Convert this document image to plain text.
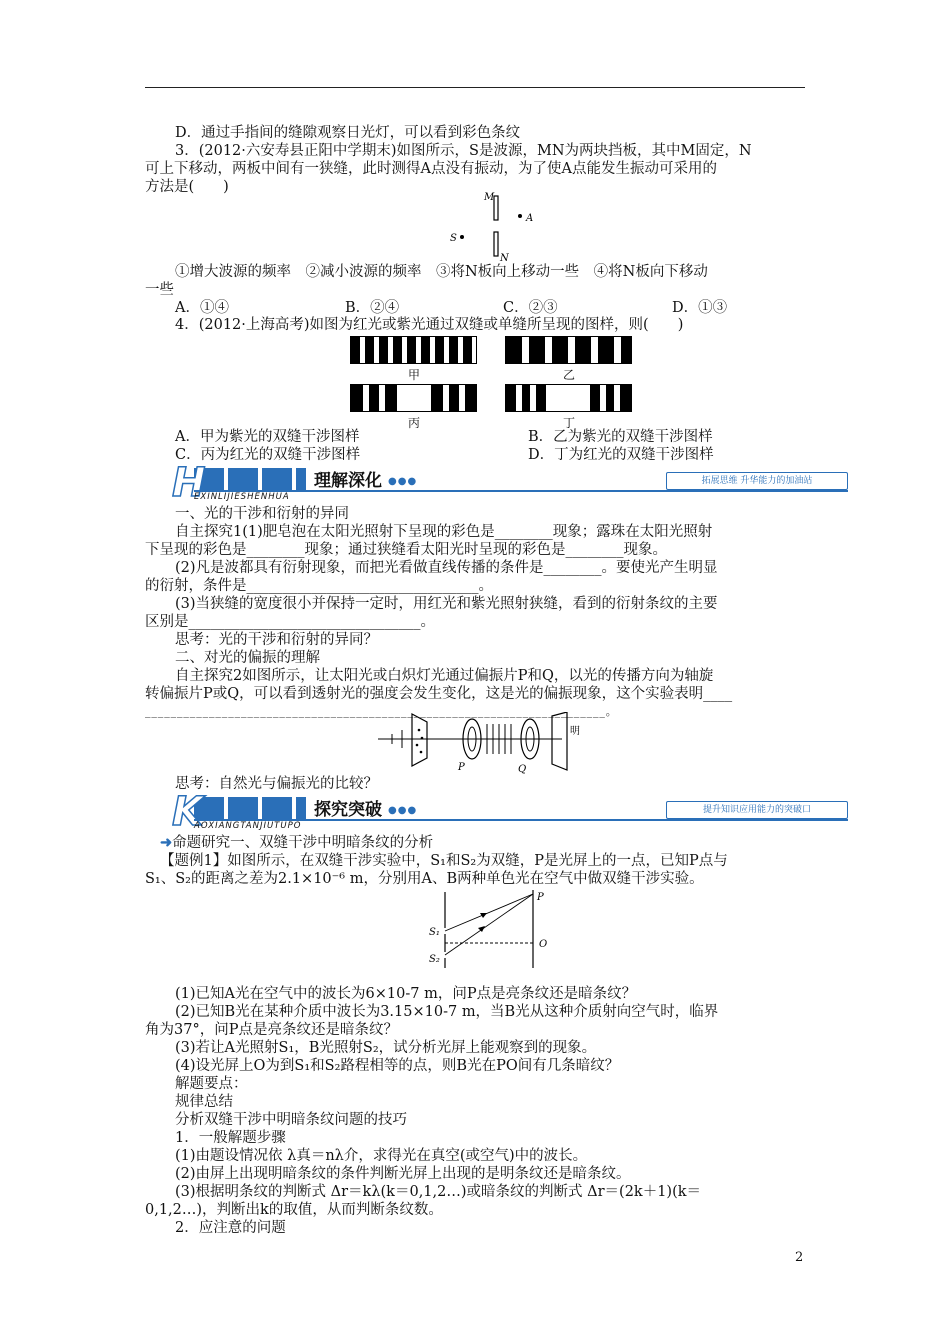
D．通过手指间的缝隙观察日光灯，可以看到彩色条纹
3．(2012·六安寿县正阳中学期末)如图所示，S是波源，MN为两块挡板，其中M固定，N
可上下移动，两板中间有一狭缝，此时测得A点没有振动，为了使A点能发生振动可采用的
方法是(　　)
M
A
S
N
①增大波源的频率　②减小波源的频率　③将N板向上移动一些　④将N板向下移动
一些
A．①④	B．②④	C．②③	D．①③
4．(2012·上海高考)如图为红光或紫光通过双缝或单缝所呈现的图样，则(　　)
甲	乙
丙	丁
A．甲为紫光的双缝干涉图样	B．乙为紫光的双缝干涉图样
C．丙为红光的双缝干涉图样	D．丁为红光的双缝干涉图样
H	理解深化 ●●●
EXINLIJIESHENHUA
拓展思维 升华能力的加油站
一、光的干涉和衍射的异同
自主探究1(1)肥皂泡在太阳光照射下呈现的彩色是________现象；露珠在太阳光照射
下呈现的彩色是________现象；通过狭缝看太阳光时呈现的彩色是________现象。
(2)凡是波都具有衍射现象，而把光看做直线传播的条件是________。要使光产生明显
的衍射，条件是________________________________。
(3)当狭缝的宽度很小并保持一定时，用红光和紫光照射狭缝，看到的衍射条纹的主要
区别是________________________________。
思考：光的干涉和衍射的异同？
二、对光的偏振的理解
自主探究2如图所示，让太阳光或白炽灯光通过偏振片P和Q，以光的传播方向为轴旋
转偏振片P或Q，可以看到透射光的强度会发生变化，这是光的偏振现象，这个实验表明____
________________________________________________________________________。
P	Q
明
思考：自然光与偏振光的比较？
K	探究突破 ●●●
AOXIANGTANJIUTUPO
提升知识应用能力的突破口
➜命题研究一、双缝干涉中明暗条纹的分析
【题例1】如图所示，在双缝干涉实验中，S₁和S₂为双缝，P是光屏上的一点，已知P点与
S₁、S₂的距离之差为2.1×10⁻⁶ m，分别用A、B两种单色光在空气中做双缝干涉实验。
S₁
S₂
P
O
(1)已知A光在空气中的波长为6×10-7 m，问P点是亮条纹还是暗条纹？
(2)已知B光在某种介质中波长为3.15×10-7 m，当B光从这种介质射向空气时，临界
角为37°，问P点是亮条纹还是暗条纹？
(3)若让A光照射S₁，B光照射S₂，试分析光屏上能观察到的现象。
(4)设光屏上O为到S₁和S₂路程相等的点，则B光在PO间有几条暗纹？
解题要点：
规律总结
分析双缝干涉中明暗条纹问题的技巧
1．一般解题步骤
(1)由题设情况依 λ真＝nλ介，求得光在真空(或空气)中的波长。
(2)由屏上出现明暗条纹的条件判断光屏上出现的是明条纹还是暗条纹。
(3)根据明条纹的判断式 Δr＝kλ(k＝0,1,2…)或暗条纹的判断式 Δr＝(2k＋1)(k＝
0,1,2…)，判断出k的取值，从而判断条纹数。
2．应注意的问题
2
